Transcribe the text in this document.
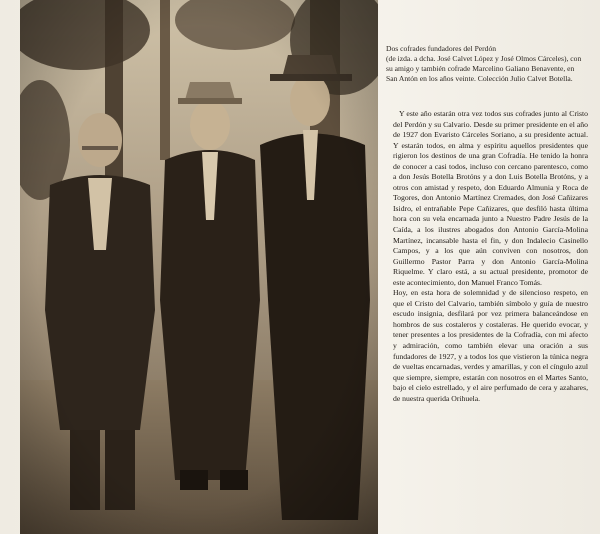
Dos cofrades fundadores del Perdón

(de izda. a dcha. José Calvet López y José Olmos Cárceles), con su amigo y también cofrade Marcelino Galiano Benavente, en San Antón en los años veinte. Colección Julio Calvet Botella.

Y este año estarán otra vez todos sus cofrades junto al Cristo del Perdón y su Calvario. Desde su primer presidente en el año de 1927 don Evaristo Cárceles Soriano, a su presidente actual. Y estarán todos, en alma y espíritu aquellos presidentes que rigieron los destinos de una gran Cofradía. He tenido la honra de conocer a casi todos, incluso con cercano parentesco, como a don Jesús Botella Brotóns y a don Luis Botella Brotóns, y a otros con amistad y respeto, don Eduardo Almunia y Roca de Togores, don Antonio Martínez Cremades, don José Cañizares Isidro, el entrañable Pepe Cañizares, que desfiló hasta última hora con su vela encarnada junto a Nuestro Padre Jesús de la Caída, a los ilustres abogados don Antonio García-Molina Martínez, incansable hasta el fin, y don Indalecio Casinello Campos, y a los que aún conviven con nosotros, don Guillermo Pastor Parra y don Antonio García-Molina Riquelme. Y claro está, a su actual presidente, promotor de este acontecimiento, don Manuel Franco Tomás.

Hoy, en esta hora de solemnidad y de silencioso respeto, en que el Cristo del Calvario, también símbolo y guía de nuestro escudo insignia, desfilará por vez primera balanceándose en hombros de sus costaleros y costaleras. He querido evocar, y tener presentes a los presidentes de la Cofradía, con mi afecto y admiración, como también elevar una oración a sus fundadores de 1927, y a todos los que vistieron la túnica negra de vueltas encarnadas, verdes y amarillas, y con el cíngulo azul que siempre, siempre, estarán con nosotros en el Martes Santo, bajo el cielo estrellado, y el aire perfumado de cera y azahares, de nuestra querida Orihuela.
